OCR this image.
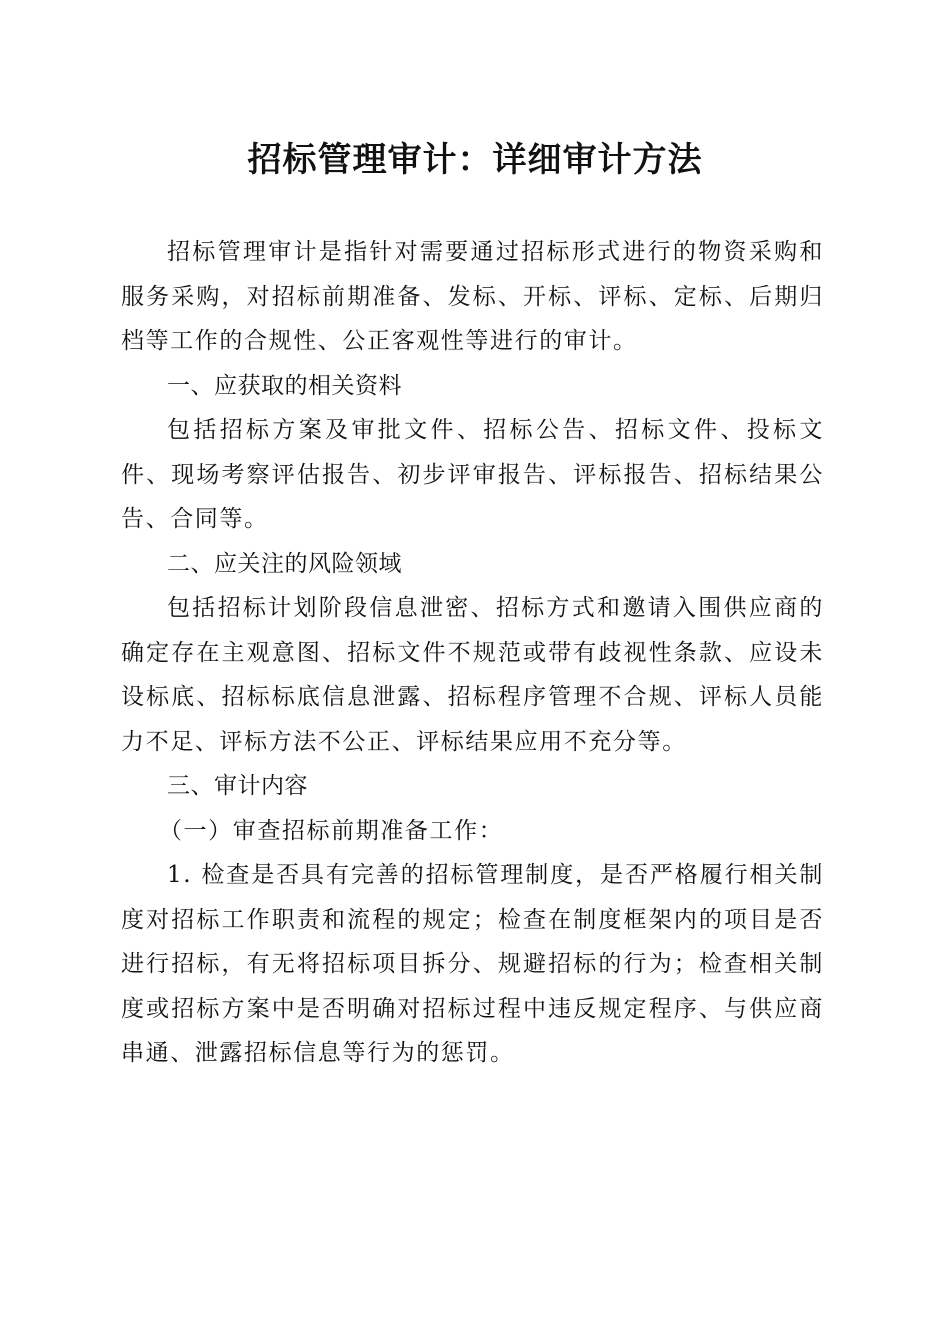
招标管理审计：详细审计方法

招标管理审计是指针对需要通过招标形式进行的物资采购和服务采购，对招标前期准备、发标、开标、评标、定标、后期归档等工作的合规性、公正客观性等进行的审计。

一、应获取的相关资料

包括招标方案及审批文件、招标公告、招标文件、投标文件、现场考察评估报告、初步评审报告、评标报告、招标结果公告、合同等。

二、应关注的风险领域

包括招标计划阶段信息泄密、招标方式和邀请入围供应商的确定存在主观意图、招标文件不规范或带有歧视性条款、应设未设标底、招标标底信息泄露、招标程序管理不合规、评标人员能力不足、评标方法不公正、评标结果应用不充分等。

三、审计内容

（一）审查招标前期准备工作：

1. 检查是否具有完善的招标管理制度，是否严格履行相关制度对招标工作职责和流程的规定；检查在制度框架内的项目是否进行招标，有无将招标项目拆分、规避招标的行为；检查相关制度或招标方案中是否明确对招标过程中违反规定程序、与供应商串通、泄露招标信息等行为的惩罚。
